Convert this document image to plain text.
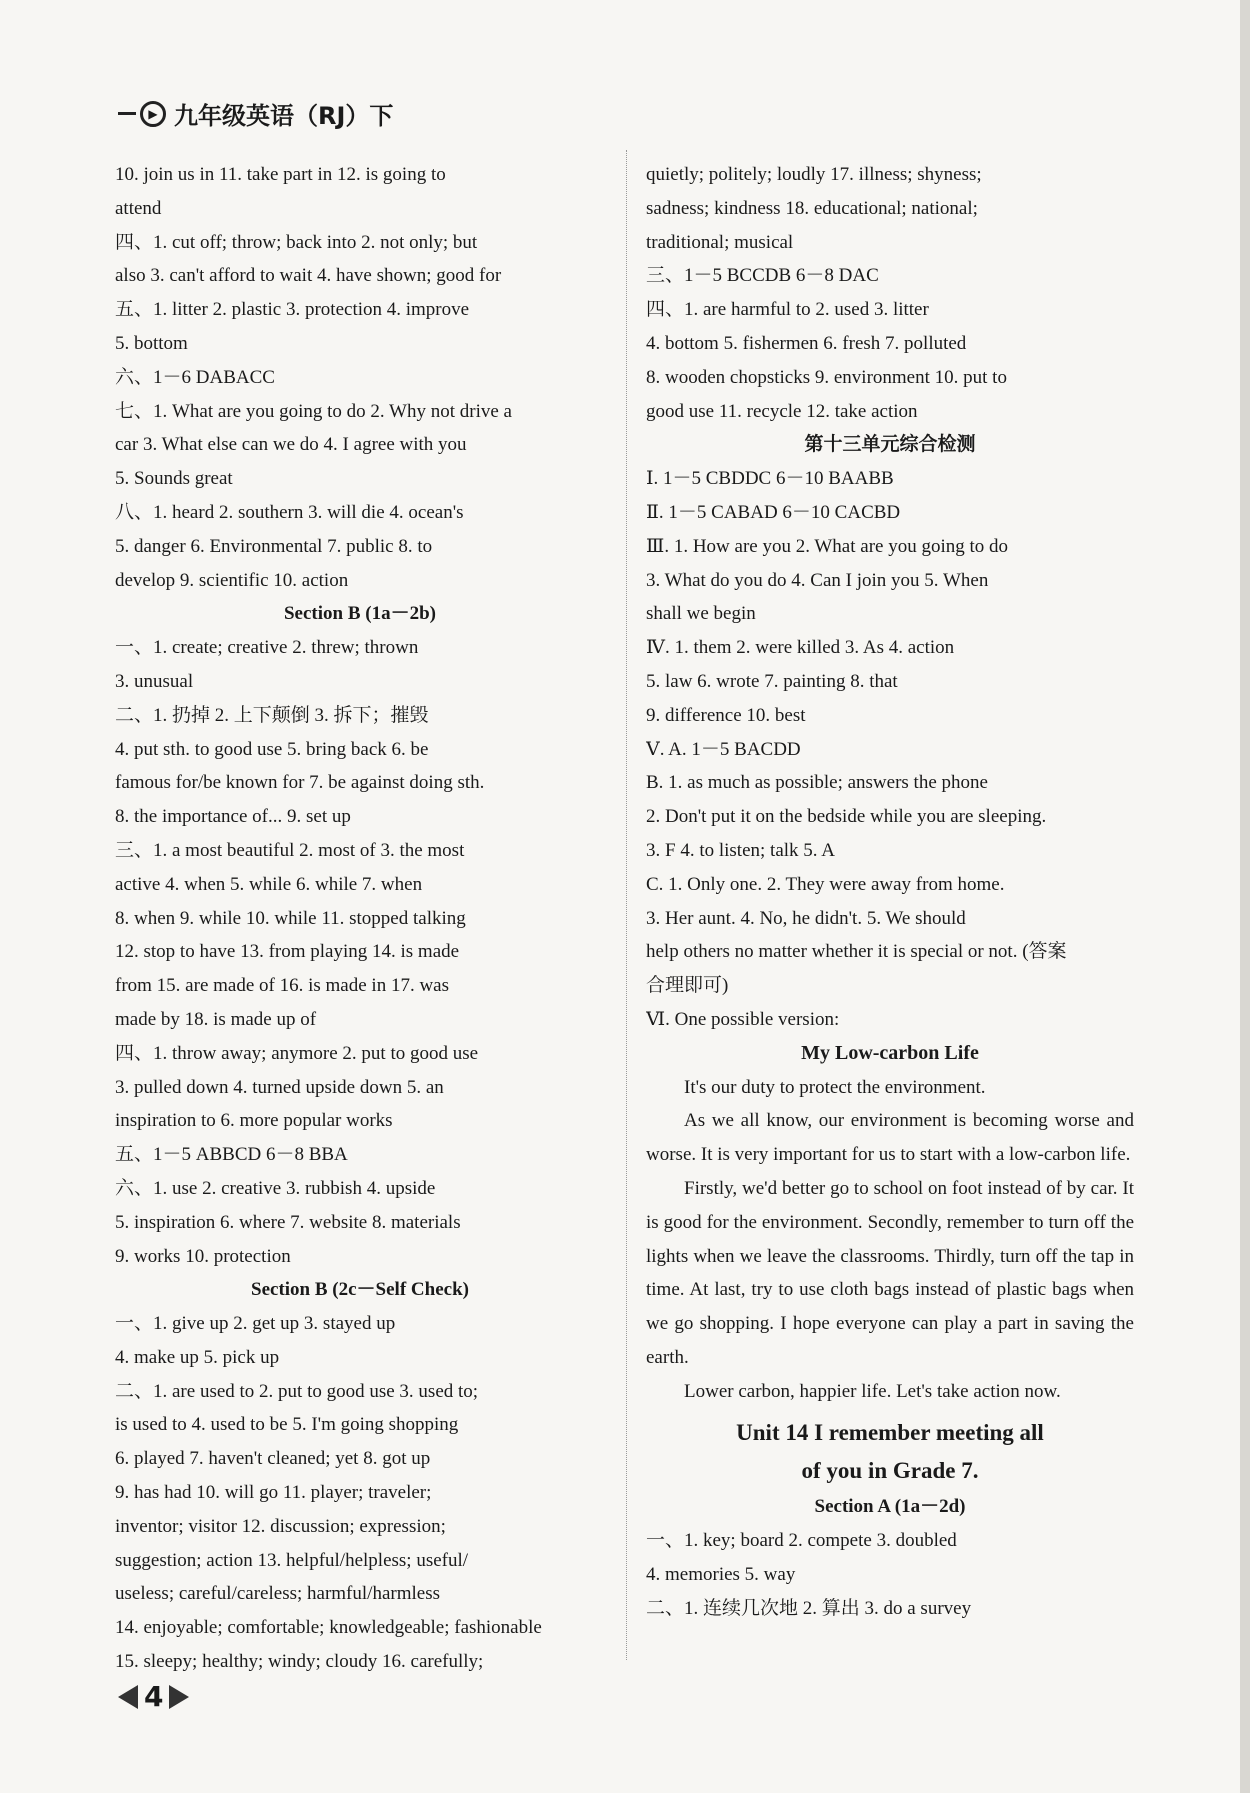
▶ 九年级英语（RJ）下
10. join us in 11. take part in 12. is going to
attend
四、1. cut off; throw; back into 2. not only; but
also 3. can't afford to wait 4. have shown; good for
五、1. litter 2. plastic 3. protection 4. improve
5. bottom
六、1－6 DABACC
七、1. What are you going to do 2. Why not drive a
car 3. What else can we do 4. I agree with you
5. Sounds great
八、1. heard 2. southern 3. will die 4. ocean's
5. danger 6. Environmental 7. public 8. to
develop 9. scientific 10. action
Section B (1a－2b)
一、1. create; creative 2. threw; thrown
3. unusual
二、1. 扔掉 2. 上下颠倒 3. 拆下；摧毁
4. put sth. to good use 5. bring back 6. be
famous for/be known for 7. be against doing sth.
8. the importance of... 9. set up
三、1. a most beautiful 2. most of 3. the most
active 4. when 5. while 6. while 7. when
8. when 9. while 10. while 11. stopped talking
12. stop to have 13. from playing 14. is made
from 15. are made of 16. is made in 17. was
made by 18. is made up of
四、1. throw away; anymore 2. put to good use
3. pulled down 4. turned upside down 5. an
inspiration to 6. more popular works
五、1－5 ABBCD 6－8 BBA
六、1. use 2. creative 3. rubbish 4. upside
5. inspiration 6. where 7. website 8. materials
9. works 10. protection
Section B (2c－Self Check)
一、1. give up 2. get up 3. stayed up
4. make up 5. pick up
二、1. are used to 2. put to good use 3. used to;
is used to 4. used to be 5. I'm going shopping
6. played 7. haven't cleaned; yet 8. got up
9. has had 10. will go 11. player; traveler;
inventor; visitor 12. discussion; expression;
suggestion; action 13. helpful/helpless; useful/
useless; careful/careless; harmful/harmless
14. enjoyable; comfortable; knowledgeable; fashionable
15. sleepy; healthy; windy; cloudy 16. carefully;
quietly; politely; loudly 17. illness; shyness;
sadness; kindness 18. educational; national;
traditional; musical
三、1－5 BCCDB 6－8 DAC
四、1. are harmful to 2. used 3. litter
4. bottom 5. fishermen 6. fresh 7. polluted
8. wooden chopsticks 9. environment 10. put to
good use 11. recycle 12. take action
第十三单元综合检测
Ⅰ. 1－5 CBDDC 6－10 BAABB
Ⅱ. 1－5 CABAD 6－10 CACBD
Ⅲ. 1. How are you 2. What are you going to do
3. What do you do 4. Can I join you 5. When
shall we begin
Ⅳ. 1. them 2. were killed 3. As 4. action
5. law 6. wrote 7. painting 8. that
9. difference 10. best
Ⅴ. A. 1－5 BACDD
B. 1. as much as possible; answers the phone
2. Don't put it on the bedside while you are sleeping.
3. F 4. to listen; talk 5. A
C. 1. Only one. 2. They were away from home.
3. Her aunt. 4. No, he didn't. 5. We should
help others no matter whether it is special or not. (答案
合理即可)
Ⅵ. One possible version:
My Low-carbon Life
It's our duty to protect the environment.
As we all know, our environment is becoming worse and worse. It is very important for us to start with a low-carbon life.
Firstly, we'd better go to school on foot instead of by car. It is good for the environment. Secondly, remember to turn off the lights when we leave the classrooms. Thirdly, turn off the tap in time. At last, try to use cloth bags instead of plastic bags when we go shopping. I hope everyone can play a part in saving the earth.
Lower carbon, happier life. Let's take action now.
Unit 14 I remember meeting all
of you in Grade 7.
Section A (1a－2d)
一、1. key; board 2. compete 3. doubled
4. memories 5. way
二、1. 连续几次地 2. 算出 3. do a survey
4
